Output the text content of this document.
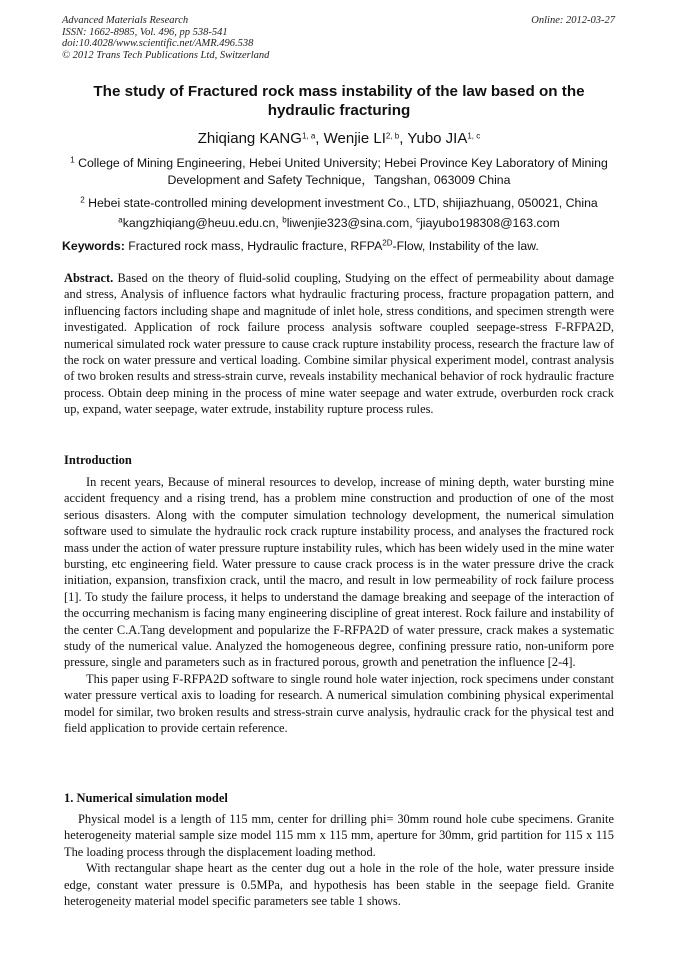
Advanced Materials Research
ISSN: 1662-8985, Vol. 496, pp 538-541
doi:10.4028/www.scientific.net/AMR.496.538
© 2012 Trans Tech Publications Ltd, Switzerland
Online: 2012-03-27
The study of Fractured rock mass instability of the law based on the hydraulic fracturing
Zhiqiang KANG$^{1, a}$, Wenjie LI$^{2, b}$, Yubo JIA$^{1, c}$
$^1$ College of Mining Engineering, Hebei United University; Hebei Province Key Laboratory of Mining Development and Safety Technique，Tangshan, 063009 China
$^2$ Hebei state-controlled mining development investment Co., LTD, shijiazhuang, 050021, China
$^a$kangzhiqiang@heuu.edu.cn, $^b$liwenjie323@sina.com, $^c$jiayubo198308@163.com
Keywords: Fractured rock mass, Hydraulic fracture, $RFPA^{2D}$-Flow, Instability of the law.
Abstract. Based on the theory of fluid-solid coupling, Studying on the effect of permeability about damage and stress, Analysis of influence factors what hydraulic fracturing process, fracture propagation pattern, and influencing factors including shape and magnitude of inlet hole, stress conditions, and specimen strength were investigated. Application of rock failure process analysis software coupled seepage-stress F-RFPA2D, numerical simulated rock water pressure to cause crack rupture instability process, research the fracture law of the rock on water pressure and vertical loading. Combine similar physical experiment model, contrast analysis of two broken results and stress-strain curve, reveals instability mechanical behavior of rock hydraulic fracture process. Obtain deep mining in the process of mine water seepage and water extrude, overburden rock crack up, expand, water seepage, water extrude, instability rupture process rules.
Introduction

In recent years, Because of mineral resources to develop, increase of mining depth, water bursting mine accident frequency and a rising trend, has a problem mine construction and production of one of the most serious disasters. Along with the computer simulation technology development, the numerical simulation software used to simulate the hydraulic rock crack rupture instability process, and analyses the fractured rock mass under the action of water pressure rupture instability rules, which has been widely used in the mine water bursting, etc engineering field. Water pressure to cause crack process is in the water pressure drive the crack initiation, expansion, transfixion crack, until the macro, and result in low permeability of rock failure process [1]. To study the failure process, it helps to understand the damage breaking and seepage of the interaction of the occurring mechanism is facing many engineering discipline of great interest. Rock failure and instability of the center C.A.Tang development and popularize the F-RFPA2D of water pressure, crack makes a systematic study of the numerical value. Analyzed the homogeneous degree, confining pressure ratio, non-uniform pore pressure, single and parameters such as in fractured porous, growth and penetration the influence [2-4].

This paper using F-RFPA2D software to single round hole water injection, rock specimens under constant water pressure vertical axis to loading for research. A numerical simulation combining physical experimental model for similar, two broken results and stress-strain curve analysis, hydraulic crack for the physical test and field application to provide certain reference.

1. Numerical simulation model

Physical model is a length of 115 mm, center for drilling phi= 30mm round hole cube specimens. Granite heterogeneity material sample size model 115 mm x 115 mm, aperture for 30mm, grid partition for 115 x 115 The loading process through the displacement loading method.

With rectangular shape heart as the center dug out a hole in the role of the hole, water pressure inside edge, constant water pressure is 0.5MPa, and hypothesis has been stable in the seepage field. Granite heterogeneity material model specific parameters see table 1 shows.
